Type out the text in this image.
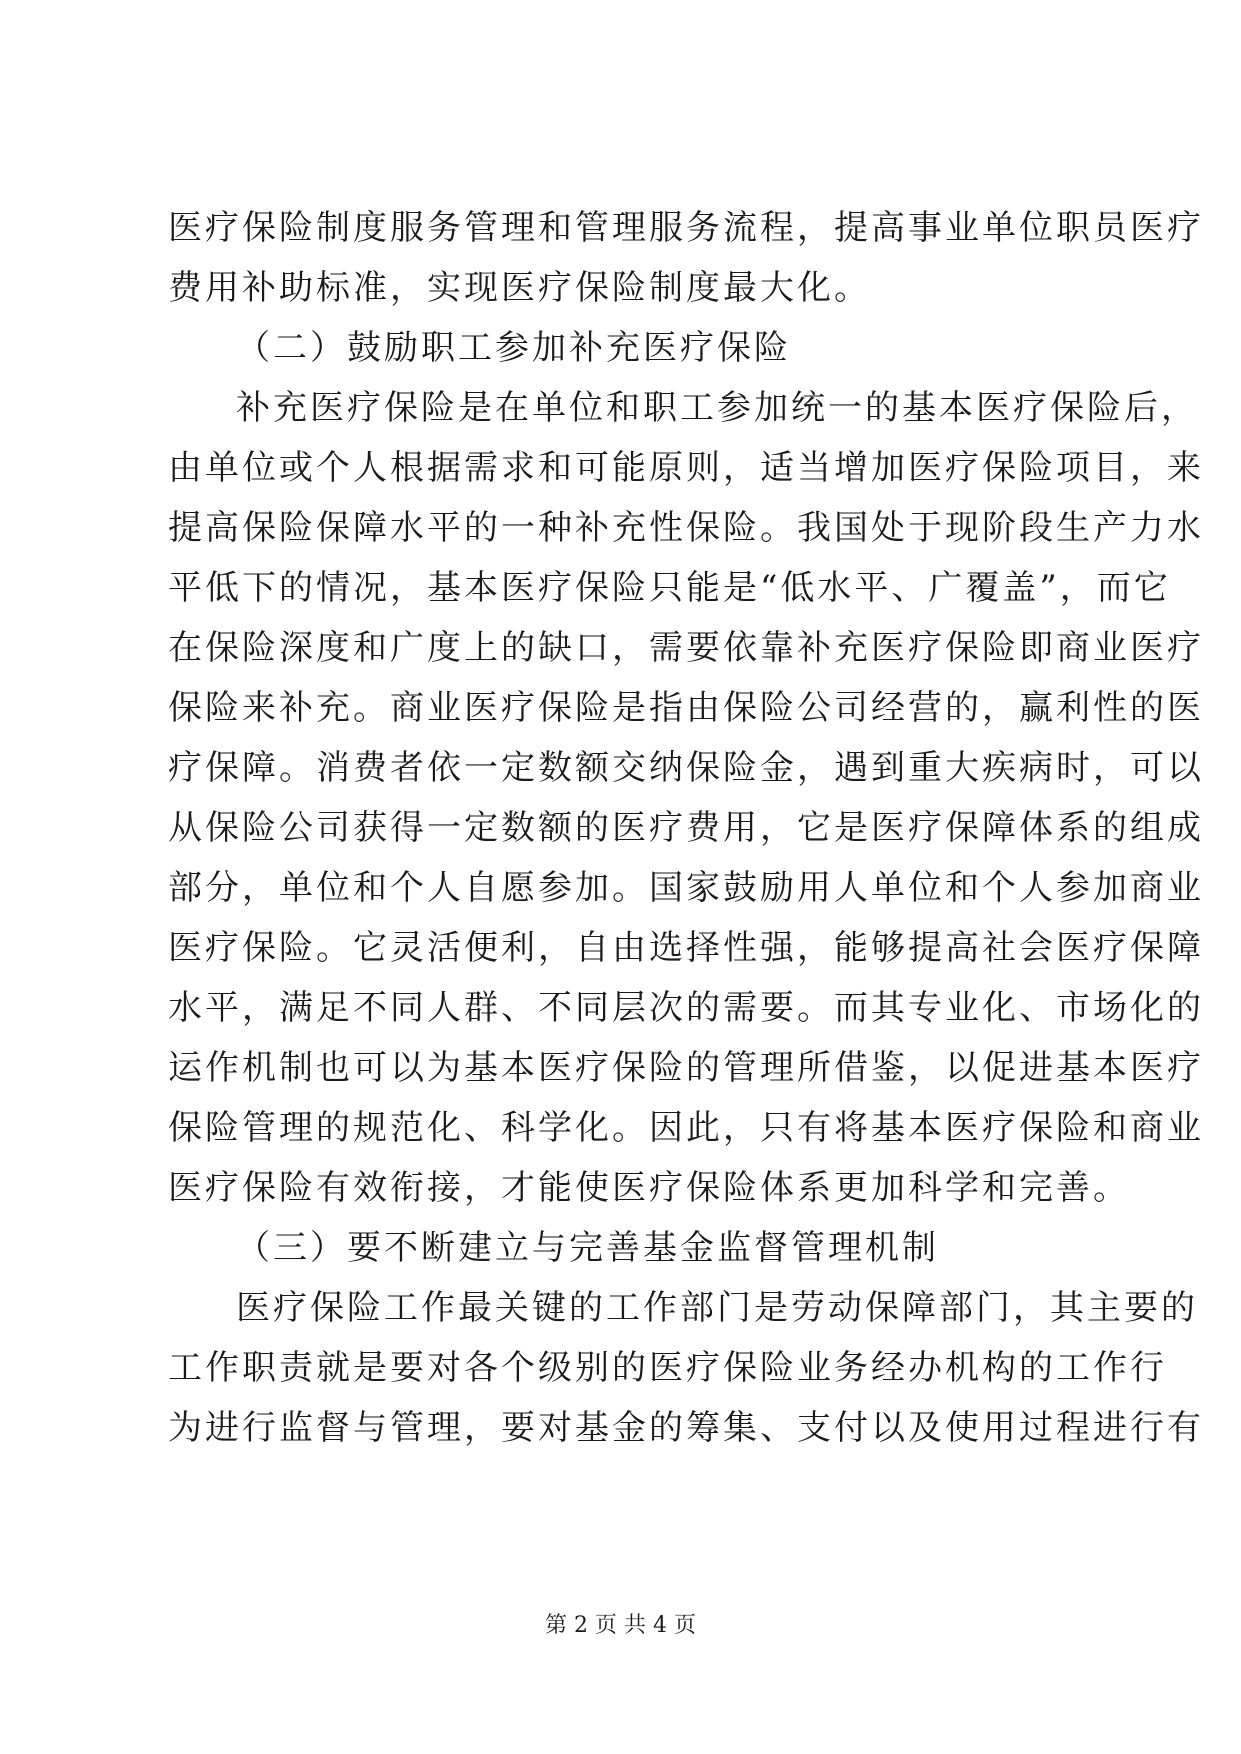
医疗保险制度服务管理和管理服务流程，提高事业单位职员医疗
费用补助标准，实现医疗保险制度最大化。
（二）鼓励职工参加补充医疗保险
补充医疗保险是在单位和职工参加统一的基本医疗保险后，
由单位或个人根据需求和可能原则，适当增加医疗保险项目，来
提高保险保障水平的一种补充性保险。我国处于现阶段生产力水
平低下的情况，基本医疗保险只能是“低水平、广覆盖”，而它
在保险深度和广度上的缺口，需要依靠补充医疗保险即商业医疗
保险来补充。商业医疗保险是指由保险公司经营的，赢利性的医
疗保障。消费者依一定数额交纳保险金，遇到重大疾病时，可以
从保险公司获得一定数额的医疗费用，它是医疗保障体系的组成
部分，单位和个人自愿参加。国家鼓励用人单位和个人参加商业
医疗保险。它灵活便利，自由选择性强，能够提高社会医疗保障
水平，满足不同人群、不同层次的需要。而其专业化、市场化的
运作机制也可以为基本医疗保险的管理所借鉴，以促进基本医疗
保险管理的规范化、科学化。因此，只有将基本医疗保险和商业
医疗保险有效衔接，才能使医疗保险体系更加科学和完善。
（三）要不断建立与完善基金监督管理机制
医疗保险工作最关键的工作部门是劳动保障部门，其主要的
工作职责就是要对各个级别的医疗保险业务经办机构的工作行
为进行监督与管理，要对基金的筹集、支付以及使用过程进行有
第 2 页 共 4 页
